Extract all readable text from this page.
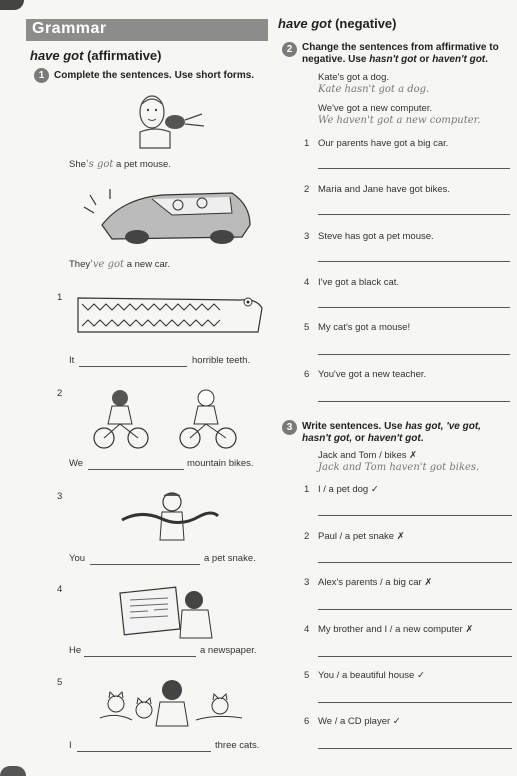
Grammar
have got (affirmative)
1 Complete the sentences. Use short forms.
She's got a pet mouse.
They've got a new car.
1
It	horrible teeth.
2
We	mountain bikes.
3
You	a pet snake.
4
He	a newspaper.
5
I	three cats.
have got (negative)
2 Change the sentences from affirmative to
negative. Use hasn't got or haven't got.
Kate's got a dog.
Kate hasn't got a dog.
We've got a new computer.
We haven't got a new computer.
1 Our parents have got a big car.
2 Maria and Jane have got bikes.
3 Steve has got a pet mouse.
4 I've got a black cat.
5 My cat's got a mouse!
6 You've got a new teacher.
3 Write sentences. Use has got, 've got,
hasn't got, or haven't got.
Jack and Tom / bikes ✗
Jack and Tom haven't got bikes.
1 I / a pet dog ✓
2 Paul / a pet snake ✗
3 Alex's parents / a big car ✗
4 My brother and I / a new computer ✗
5 You / a beautiful house ✓
6 We / a CD player ✓
